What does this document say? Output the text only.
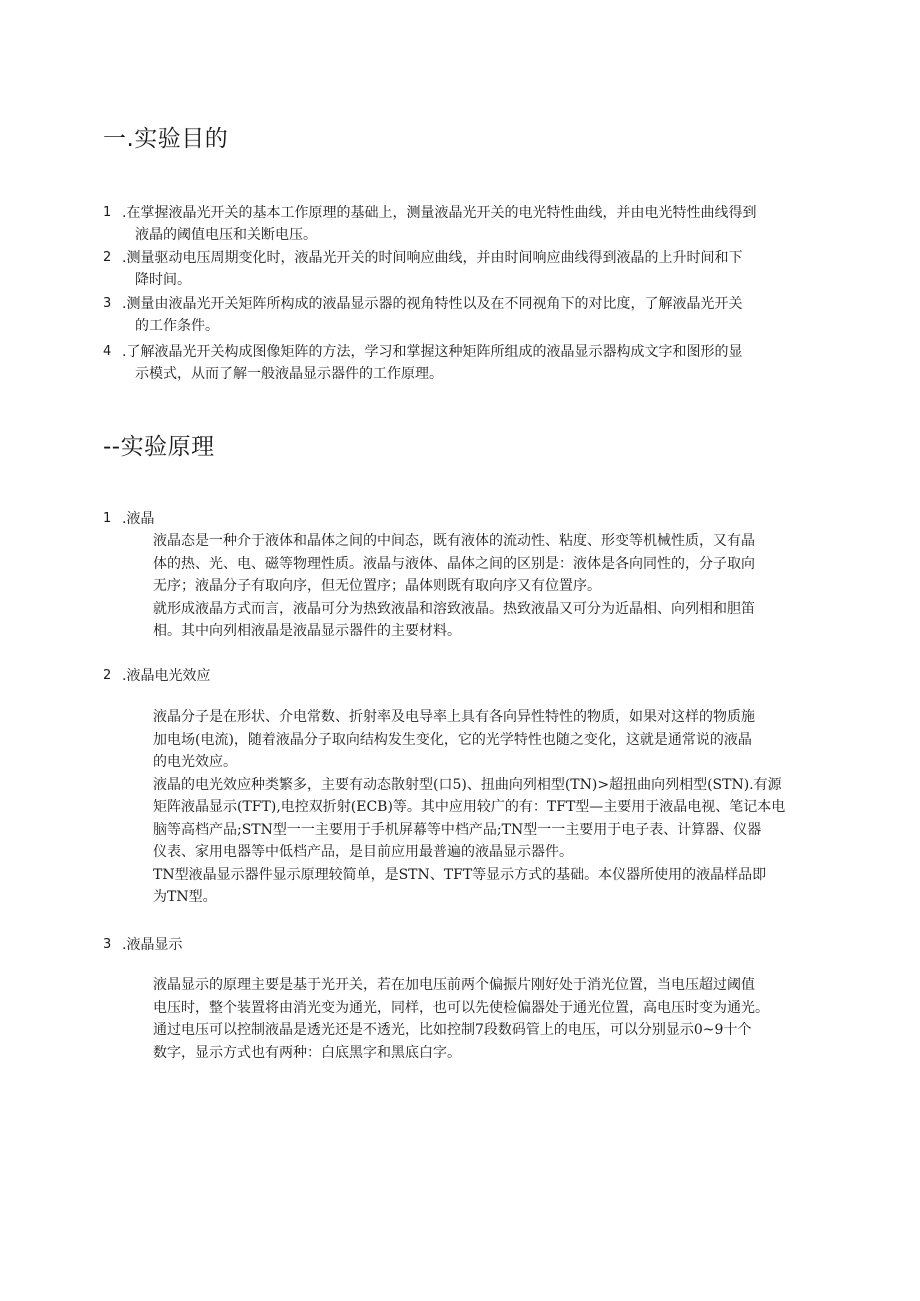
一.实验目的
1 .在掌握液晶光开关的基本工作原理的基础上，测量液晶光开关的电光特性曲线，并由电光特性曲线得到
液晶的阈值电压和关断电压。
2 .测量驱动电压周期变化时，液晶光开关的时间响应曲线，并由时间响应曲线得到液晶的上升时间和下
降时间。
3 .测量由液晶光开关矩阵所构成的液晶显示器的视角特性以及在不同视角下的对比度，了解液晶光开关
的工作条件。
4 .了解液晶光开关构成图像矩阵的方法，学习和掌握这种矩阵所组成的液晶显示器构成文字和图形的显
示模式，从而了解一般液晶显示器件的工作原理。
--实验原理
1 .液晶
液晶态是一种介于液体和晶体之间的中间态，既有液体的流动性、粘度、形变等机械性质，又有晶
体的热、光、电、磁等物理性质。液晶与液体、晶体之间的区别是：液体是各向同性的，分子取向
无序；液晶分子有取向序，但无位置序；晶体则既有取向序又有位置序。
就形成液晶方式而言，液晶可分为热致液晶和溶致液晶。热致液晶又可分为近晶相、向列相和胆笛
相。其中向列相液晶是液晶显示器件的主要材料。
2 .液晶电光效应
液晶分子是在形状、介电常数、折射率及电导率上具有各向异性特性的物质，如果对这样的物质施
加电场(电流)，随着液晶分子取向结构发生变化，它的光学特性也随之变化，这就是通常说的液晶
的电光效应。
液晶的电光效应种类繁多，主要有动态散射型(口5)、扭曲向列相型(TN)>超扭曲向列相型(STN).有源
矩阵液晶显示(TFT),电控双折射(ECB)等。其中应用较广的有：TFT型—主要用于液晶电视、笔记本电
脑等高档产品;STN型一一主要用于手机屏幕等中档产品;TN型一一主要用于电子表、计算器、仪器
仪表、家用电器等中低档产品，是目前应用最普遍的液晶显示器件。
TN型液晶显示器件显示原理较简单，是STN、TFT等显示方式的基础。本仪器所使用的液晶样品即
为TN型。
3 .液晶显示
液晶显示的原理主要是基于光开关，若在加电压前两个偏振片刚好处于消光位置，当电压超过阈值
电压时，整个装置将由消光变为通光，同样，也可以先使检偏器处于通光位置，高电压时变为通光。
通过电压可以控制液晶是透光还是不透光，比如控制7段数码管上的电压，可以分别显示0~9十个
数字，显示方式也有两种：白底黑字和黑底白字。
